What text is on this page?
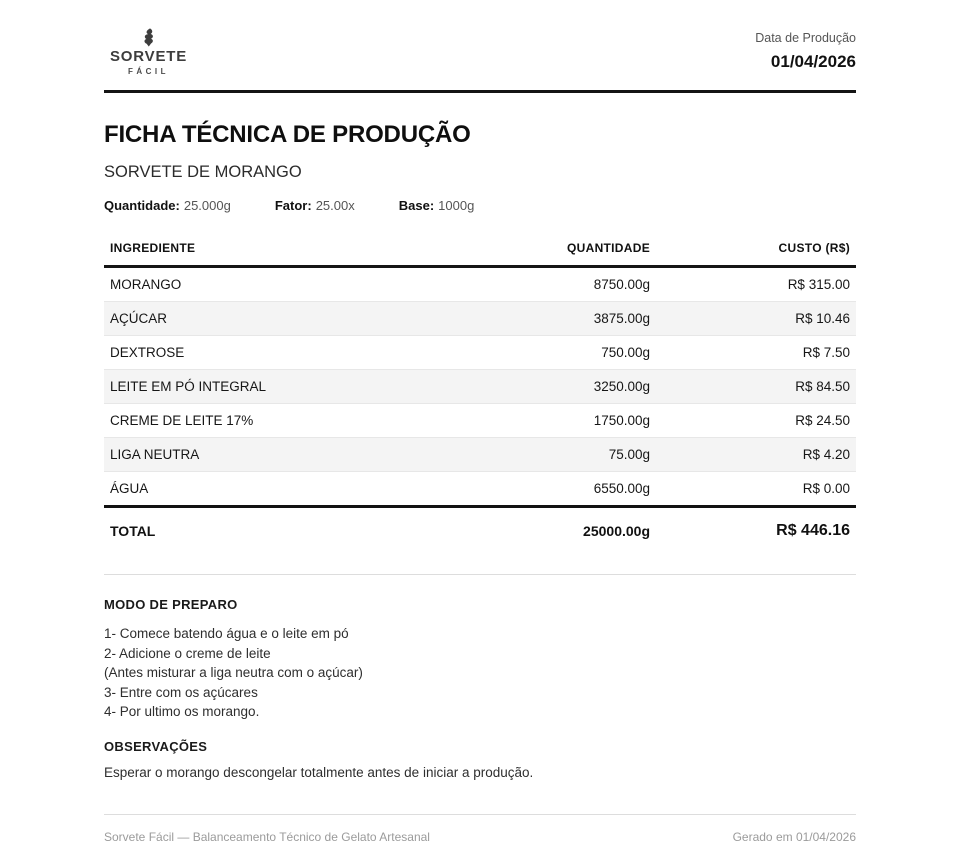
SORVETE
FÁCIL
Data de Produção
01/04/2026
FICHA TÉCNICA DE PRODUÇÃO
SORVETE DE MORANGO
Quantidade: 25.000g	Fator: 25.00x	Base: 1000g
INGREDIENTE	QUANTIDADE	CUSTO (R$)
MORANGO	8750.00g	R$ 315.00
AÇÚCAR	3875.00g	R$ 10.46
DEXTROSE	750.00g	R$ 7.50
LEITE EM PÓ INTEGRAL	3250.00g	R$ 84.50
CREME DE LEITE 17%	1750.00g	R$ 24.50
LIGA NEUTRA	75.00g	R$ 4.20
ÁGUA	6550.00g	R$ 0.00
TOTAL	25000.00g	R$ 446.16
MODO DE PREPARO

1- Comece batendo água e o leite em pó

2- Adicione o creme de leite

(Antes misturar a liga neutra com o açúcar)

3- Entre com os açúcares

4- Por ultimo os morango.

OBSERVAÇÕES
Esperar o morango descongelar totalmente antes de iniciar a produção.
Sorvete Fácil — Balanceamento Técnico de Gelato Artesanal	Gerado em 01/04/2026
